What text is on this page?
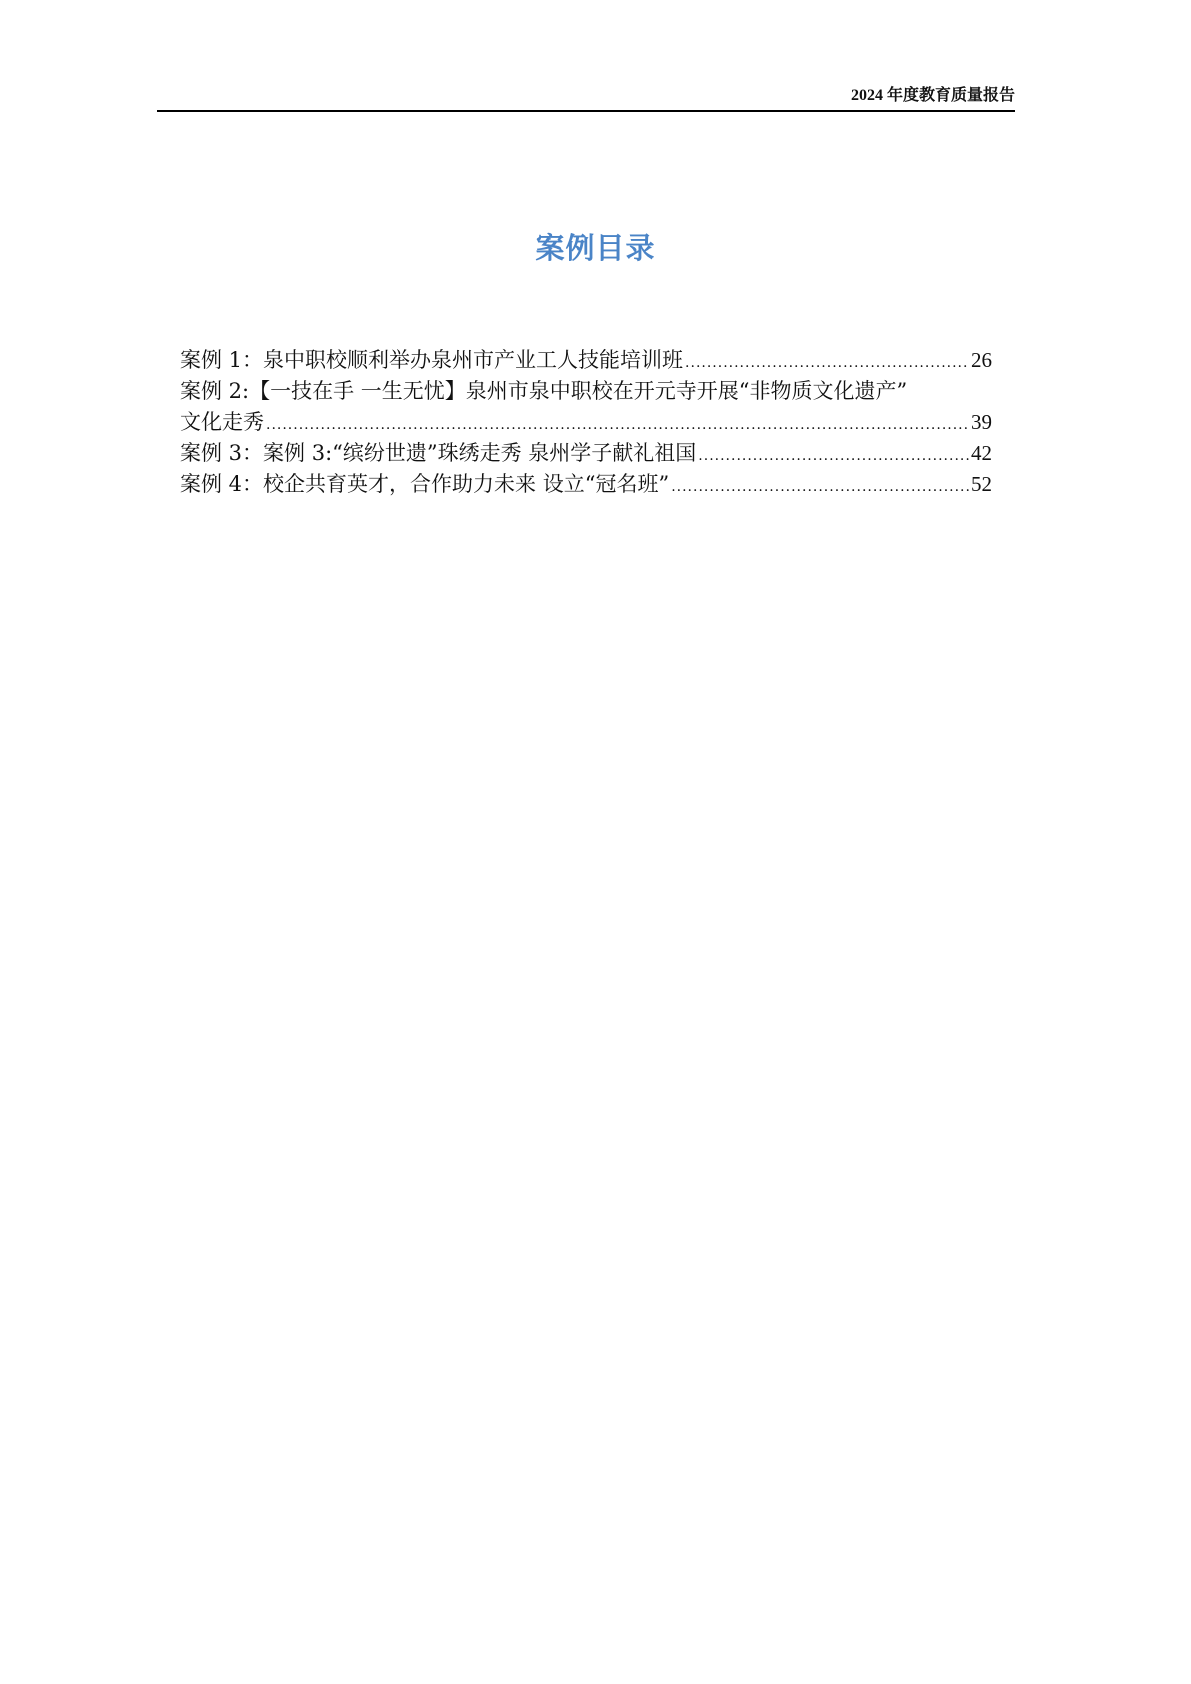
2024 年度教育质量报告
案例目录
案例 1：泉中职校顺利举办泉州市产业工人技能培训班 .....	26
案例 2:【一技在手 一生无忧】泉州市泉中职校在开元寺开展“非物质文化遗产”
文化走秀 .....	39
案例 3：案例 3:“缤纷世遗”珠绣走秀 泉州学子献礼祖国 .....	42
案例 4：校企共育英才，合作助力未来 设立“冠名班” .....	52
